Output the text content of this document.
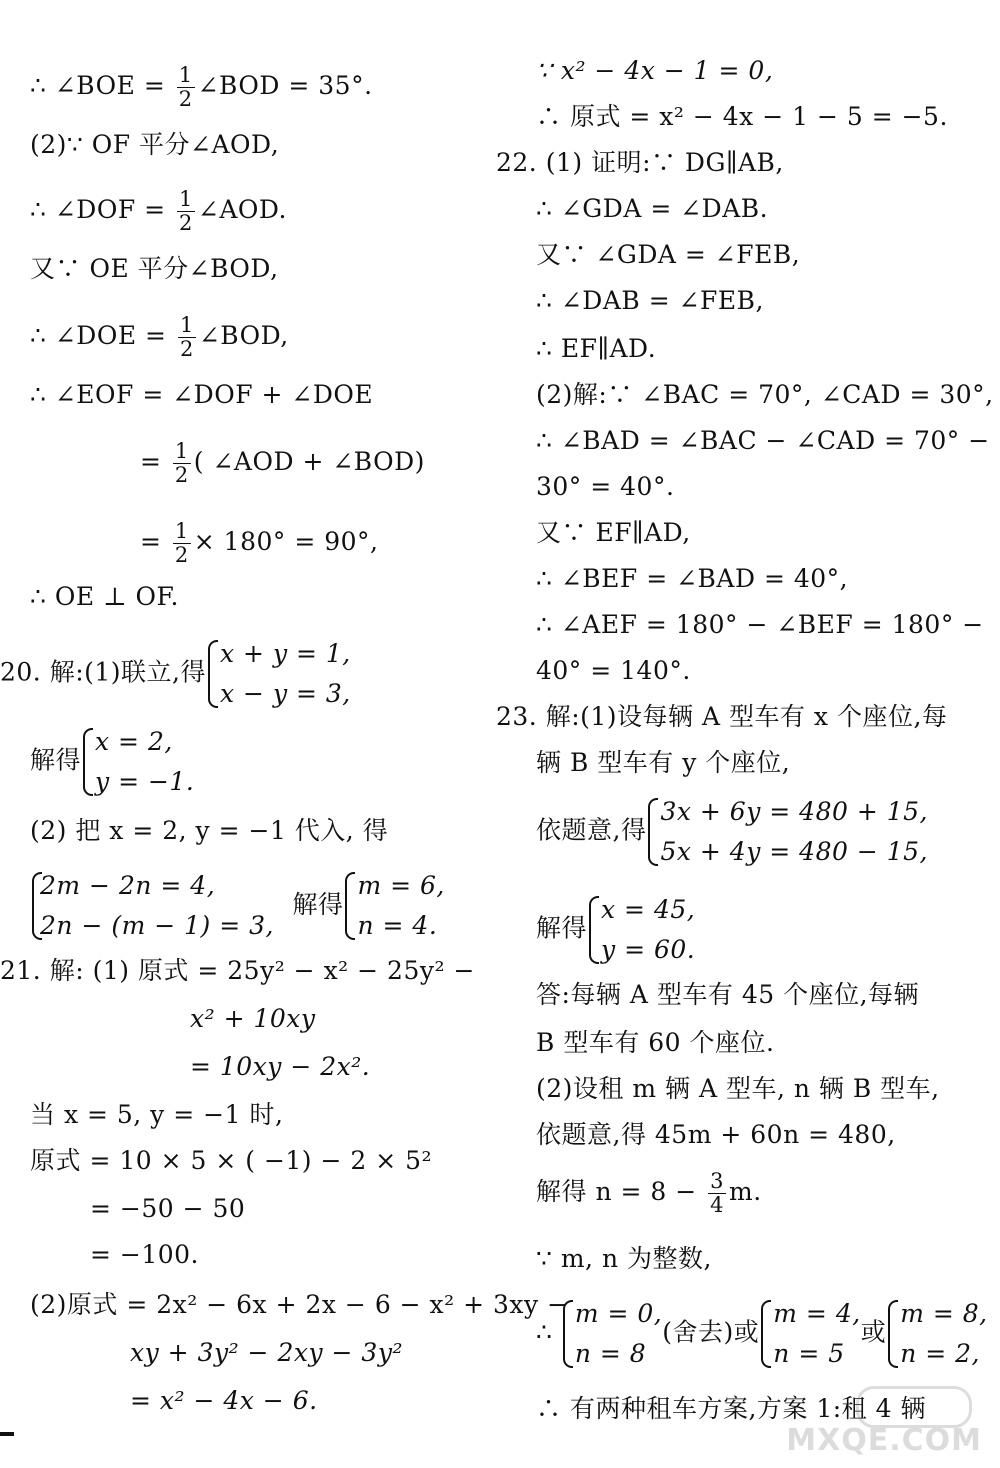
∴ ∠BOE = $\frac{1}{2}$ ∠BOD = 35°.
(2)∵ OF 平分∠AOD,
∴ ∠DOF = $\frac{1}{2}$ ∠AOD.
又∵ OE 平分∠BOD,
∴ ∠DOE = $\frac{1}{2}$ ∠BOD,
∴ ∠EOF = ∠DOF + ∠DOE
= $\frac{1}{2}$ ( ∠AOD + ∠BOD)
= $\frac{1}{2} \times 180^\circ = 90^\circ$,
∴ OE ⊥ OF.
20. 解:(1)联立,得
x + y = 1,
x − y = 3,
解得
x = 2,
y = −1.
(2) 把 x = 2, y = −1 代入, 得
2m − 2n = 4,
2n − (m − 1) = 3,
解得
m = 6,
n = 4.
21. 解: (1) 原式 = 25y² − x² − 25y² −
x² + 10xy
= 10xy − 2x².
当 x = 5, y = −1 时,
原式 = 10 × 5 × ( −1) − 2 × 5²
= −50 − 50
= −100.
(2)原式 = 2x² − 6x + 2x − 6 − x² + 3xy −
xy + 3y² − 2xy − 3y²
= x² − 4x − 6.
∵ x² − 4x − 1 = 0,
∴ 原式 = x² − 4x − 1 − 5 = −5.
22. (1) 证明:∵ DG∥AB,
∴ ∠GDA = ∠DAB.
又∵ ∠GDA = ∠FEB,
∴ ∠DAB = ∠FEB,
∴ EF∥AD.
(2)解:∵ ∠BAC = 70°, ∠CAD = 30°,
∴ ∠BAD = ∠BAC − ∠CAD = 70° −
30° = 40°.
又∵ EF∥AD,
∴ ∠BEF = ∠BAD = 40°,
∴ ∠AEF = 180° − ∠BEF = 180° −
40° = 140°.
23. 解:(1)设每辆 A 型车有 x 个座位,每
辆 B 型车有 y 个座位,
依题意,得
3x + 6y = 480 + 15,
5x + 4y = 480 − 15,
解得
x = 45,
y = 60.
答:每辆 A 型车有 45 个座位,每辆
B 型车有 60 个座位.
(2)设租 m 辆 A 型车, n 辆 B 型车,
依题意,得 45m + 60n = 480,
解得 $n = 8 - \frac{3}{4} m$.
∵ m, n 为整数,
∴
m = 0,
n = 8
(舍去)或
m = 4,
n = 5
或
m = 8,
n = 2,
∴ 有两种租车方案,方案 1:租 4 辆
MXQE.COM
